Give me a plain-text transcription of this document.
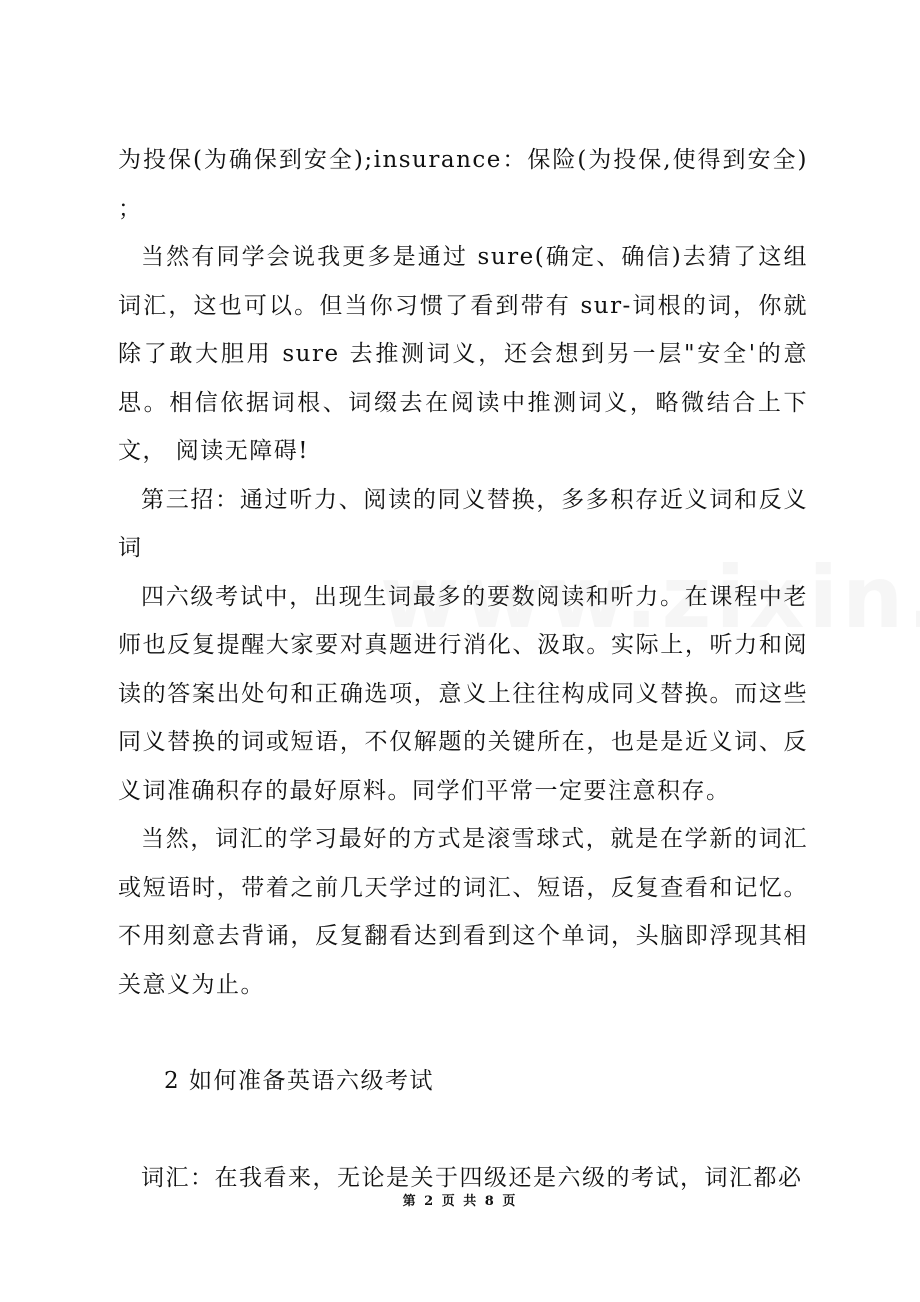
为投保(为确保到安全);insurance：保险(为投保,使得到安全) ；

当然有同学会说我更多是通过 sure(确定、确信)去猜了这组词汇，这也可以。但当你习惯了看到带有 sur-词根的词，你就除了敢大胆用 sure 去推测词义，还会想到另一层"安全'的意思。相信依据词根、词缀去在阅读中推测词义，略微结合上下文， 阅读无障碍!

第三招：通过听力、阅读的同义替换，多多积存近义词和反义词

四六级考试中，出现生词最多的要数阅读和听力。在课程中老师也反复提醒大家要对真题进行消化、汲取。实际上，听力和阅读的答案出处句和正确选项，意义上往往构成同义替换。而这些同义替换的词或短语，不仅解题的关键所在，也是是近义词、反义词准确积存的最好原料。同学们平常一定要注意积存。

当然，词汇的学习最好的方式是滚雪球式，就是在学新的词汇或短语时，带着之前几天学过的词汇、短语，反复查看和记忆。不用刻意去背诵，反复翻看达到看到这个单词，头脑即浮现其相关意义为止。

2 如何准备英语六级考试

词汇：在我看来，无论是关于四级还是六级的考试，词汇都必

第 2 页 共 8 页
